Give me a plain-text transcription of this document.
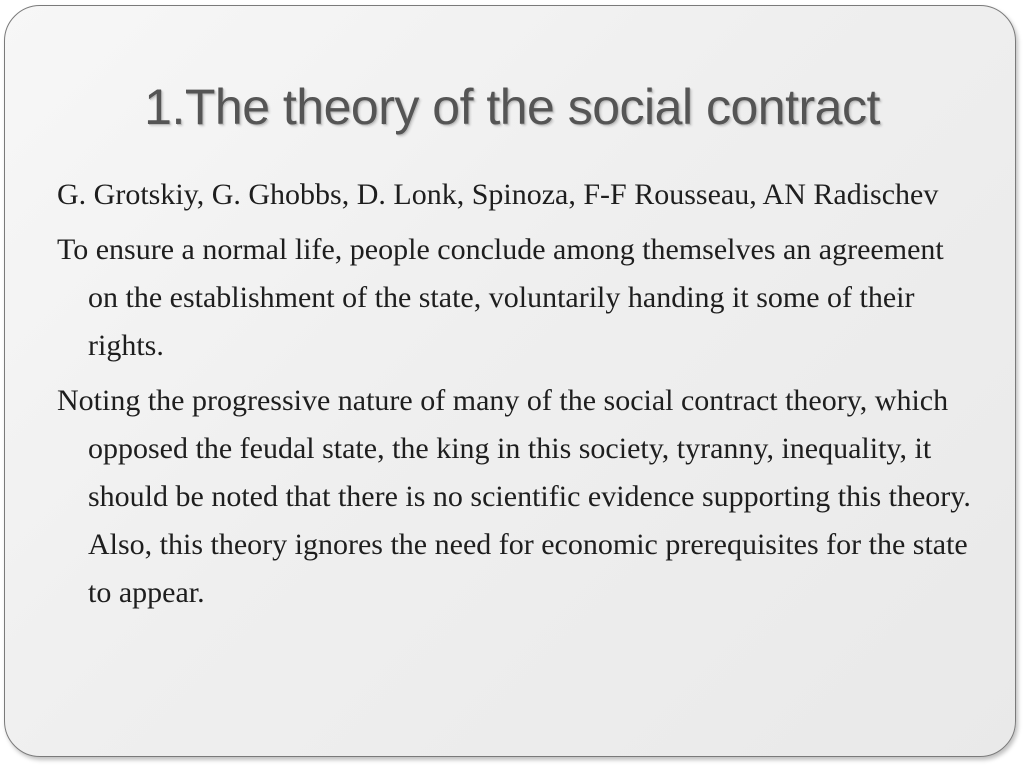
1.The theory of the social contract

G. Grotskiy, G. Ghobbs, D. Lonk, Spinoza, F-F Rousseau, AN Radischev

To ensure a normal life, people conclude among themselves an agreement on the establishment of the state, voluntarily handing it some of their rights.

Noting the progressive nature of many of the social contract theory, which opposed the feudal state, the king in this society, tyranny, inequality, it should be noted that there is no scientific evidence supporting this theory. Also, this theory ignores the need for economic prerequisites for the state to appear.
